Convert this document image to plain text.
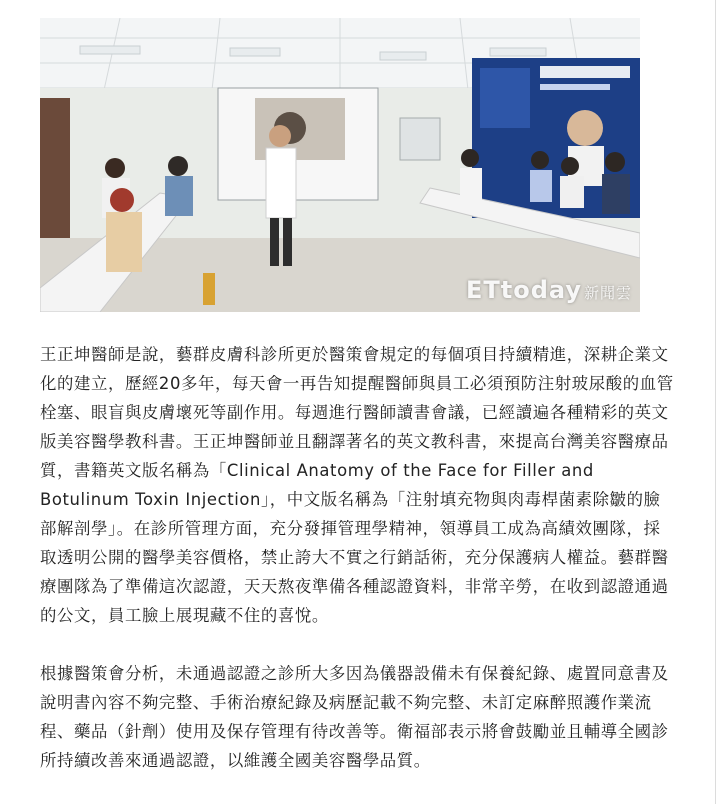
ETtoday 新聞雲

王正坤醫師是說，藝群皮膚科診所更於醫策會規定的每個項目持續精進，深耕企業文化的建立，歷經20多年，每天會一再告知提醒醫師與員工必須預防注射玻尿酸的血管栓塞、眼盲與皮膚壞死等副作用。每週進行醫師讀書會議，已經讀遍各種精彩的英文版美容醫學教科書。王正坤醫師並且翻譯著名的英文教科書，來提高台灣美容醫療品質，書籍英文版名稱為「Clinical Anatomy of the Face for Filler and Botulinum Toxin Injection」，中文版名稱為「注射填充物與肉毒桿菌素除皺的臉部解剖學」。在診所管理方面，充分發揮管理學精神，領導員工成為高績效團隊，採取透明公開的醫學美容價格，禁止誇大不實之行銷話術，充分保護病人權益。藝群醫療團隊為了準備這次認證，天天熬夜準備各種認證資料，非常辛勞，在收到認證通過的公文，員工臉上展現藏不住的喜悅。

根據醫策會分析，未通過認證之診所大多因為儀器設備未有保養紀錄、處置同意書及說明書內容不夠完整、手術治療紀錄及病歷記載不夠完整、未訂定麻醉照護作業流程、藥品（針劑）使用及保存管理有待改善等。衛福部表示將會鼓勵並且輔導全國診所持續改善來通過認證，以維護全國美容醫學品質。
